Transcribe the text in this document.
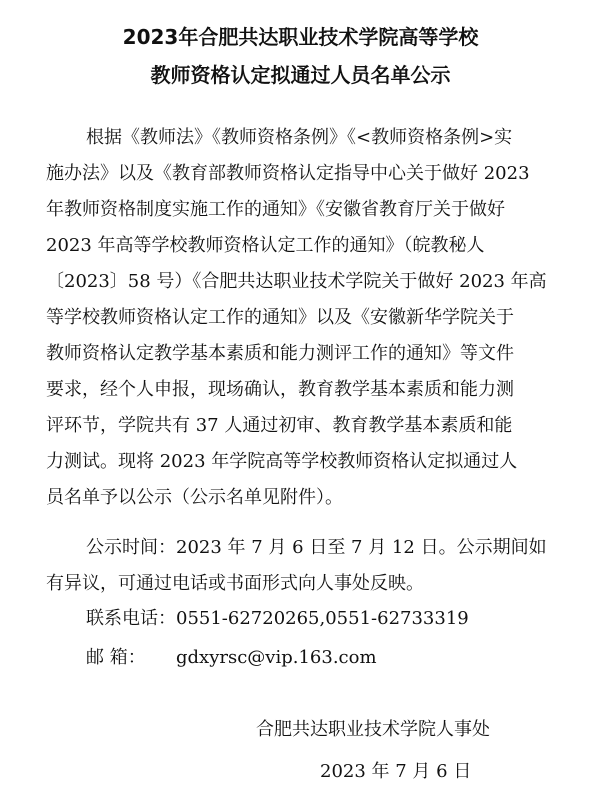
2023年合肥共达职业技术学院高等学校
教师资格认定拟通过人员名单公示
根据《教师法》《教师资格条例》《<教师资格条例>实
施办法》以及《教育部教师资格认定指导中心关于做好 2023
年教师资格制度实施工作的通知》《安徽省教育厅关于做好
2023 年高等学校教师资格认定工作的通知》（皖教秘人
〔2023〕58 号）《合肥共达职业技术学院关于做好 2023 年高
等学校教师资格认定工作的通知》以及《安徽新华学院关于
教师资格认定教学基本素质和能力测评工作的通知》等文件
要求，经个人申报，现场确认，教育教学基本素质和能力测
评环节，学院共有 37 人通过初审、教育教学基本素质和能
力测试。现将 2023 年学院高等学校教师资格认定拟通过人
员名单予以公示（公示名单见附件）。
公示时间：2023 年 7 月 6 日至 7 月 12 日。公示期间如
有异议，可通过电话或书面形式向人事处反映。
联系电话：0551-62720265,0551-62733319
邮 箱： gdxyrsc@vip.163.com
合肥共达职业技术学院人事处
2023 年 7 月 6 日
